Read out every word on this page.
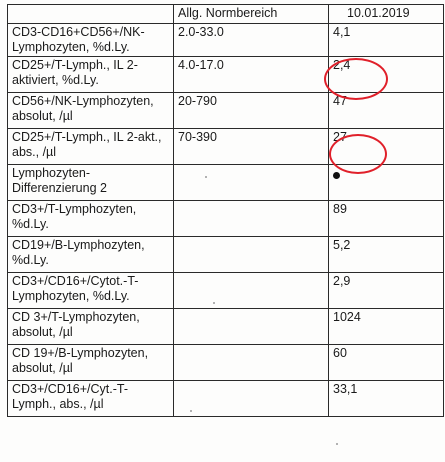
	Allg. Normbereich	10.01.2019
CD3-CD16+CD56+/NK-Lymphozyten, %d.Ly.	2.0-33.0	4,1
CD25+/T-Lymph., IL 2-aktiviert, %d.Ly.	4.0-17.0	2,4
CD56+/NK-Lymphozyten, absolut, /µl	20-790	47
CD25+/T-Lymph., IL 2-akt., abs., /µl	70-390	27
Lymphozyten-Differenzierung 2		
CD3+/T-Lymphozyten, %d.Ly.		89
CD19+/B-Lymphozyten, %d.Ly.		5,2
CD3+/CD16+/Cytot.-T-Lymphozyten, %d.Ly.		2,9
CD 3+/T-Lymphozyten, absolut, /µl		1024
CD 19+/B-Lymphozyten, absolut, /µl		60
CD3+/CD16+/Cyt.-T-Lymph., abs., /µl		33,1
